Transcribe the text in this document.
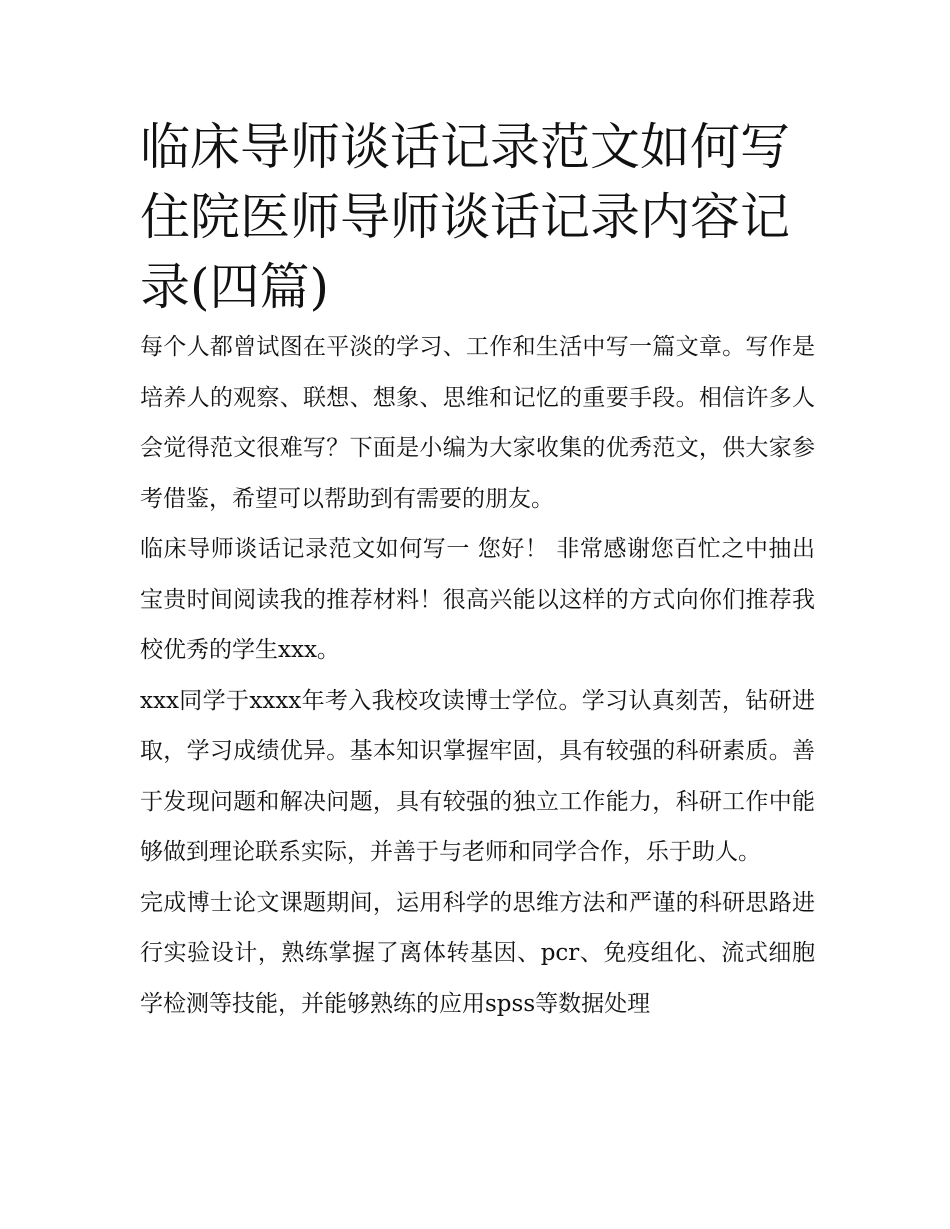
临床导师谈话记录范文如何写住院医师导师谈话记录内容记录(四篇)

每个人都曾试图在平淡的学习、工作和生活中写一篇文章。写作是培养人的观察、联想、想象、思维和记忆的重要手段。相信许多人会觉得范文很难写？下面是小编为大家收集的优秀范文，供大家参考借鉴，希望可以帮助到有需要的朋友。

临床导师谈话记录范文如何写一 您好！ 非常感谢您百忙之中抽出宝贵时间阅读我的推荐材料！很高兴能以这样的方式向你们推荐我校优秀的学生xxx。

xxx同学于xxxx年考入我校攻读博士学位。学习认真刻苦，钻研进取，学习成绩优异。基本知识掌握牢固，具有较强的科研素质。善于发现问题和解决问题，具有较强的独立工作能力，科研工作中能够做到理论联系实际，并善于与老师和同学合作，乐于助人。

完成博士论文课题期间，运用科学的思维方法和严谨的科研思路进行实验设计，熟练掌握了离体转基因、pcr、免疫组化、流式细胞学检测等技能，并能够熟练的应用spss等数据处理
